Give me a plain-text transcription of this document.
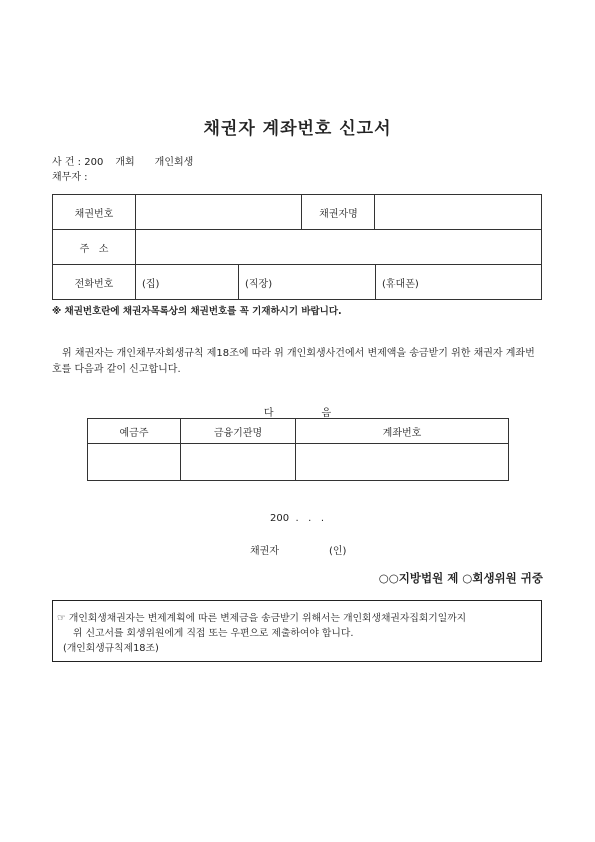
채권자 계좌번호 신고서
사 건 : 200 개회 개인회생
채무자 :
채권번호		채권자명	
주   소			
전화번호	(집) (직장) (휴대폰)		
※ 채권번호란에 채권자목록상의 채권번호를 꼭 기재하시기 바랍니다.
위 채권자는 개인채무자회생규칙 제18조에 따라 위 개인회생사건에서 변제액을 송금받기 위한 채권자 계좌번호를 다음과 같이 신고합니다.
다	음
예금주	금융기관명	계좌번호

200  .   .   .
채권자	(인)
○○지방법원 제 ○회생위원 귀중
☞ 개인회생채권자는 변제계획에 따른 변제금을 송금받기 위해서는 개인회생채권자집회기일까지
위 신고서를 회생위원에게 직접 또는 우편으로 제출하여야 합니다.
(개인회생규칙제18조)
